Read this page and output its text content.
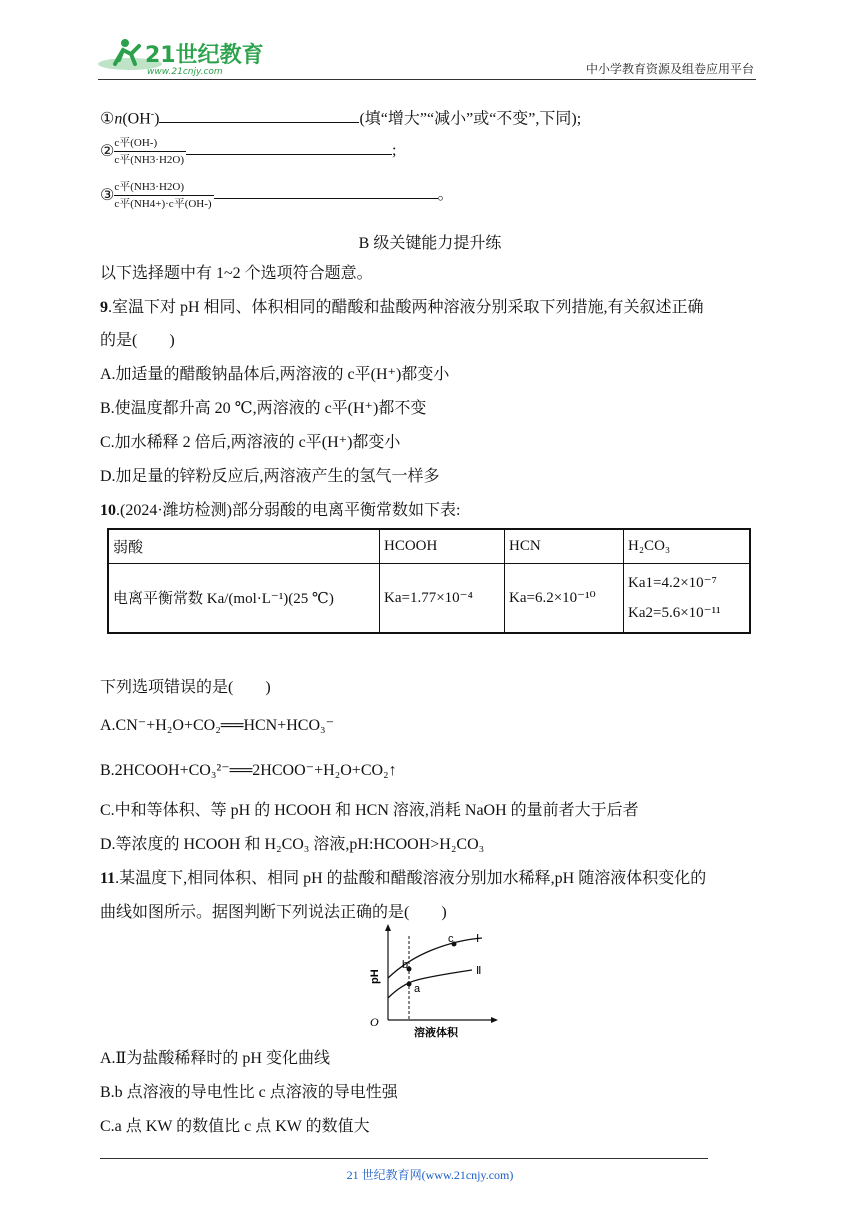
21世纪教育
www.21cnjy.com	中小学教育资源及组卷应用平台
①n(OH-)	(填“增大”“减小”或“不变”,下同);
② $\frac{\text{c平(OH-)}}{\text{c平(NH3·H2O)}}$	;
③ $\frac{\text{c平(NH3·H2O)}}{\text{c平(NH4+)·c平(OH-)}}$	。
B 级关键能力提升练
以下选择题中有 1~2 个选项符合题意。
9.室温下对 pH 相同、体积相同的醋酸和盐酸两种溶液分别采取下列措施,有关叙述正确
的是(　　)
A.加适量的醋酸钠晶体后,两溶液的 c平(H⁺)都变小
B.使温度都升高 20 ℃,两溶液的 c平(H⁺)都不变
C.加水稀释 2 倍后,两溶液的 c平(H⁺)都变小
D.加足量的锌粉反应后,两溶液产生的氢气一样多
10.(2024·潍坊检测)部分弱酸的电离平衡常数如下表:
弱酸	HCOOH	HCN	H₂CO₃
电离平衡常数 Ka/(mol·L⁻¹)(25 ℃)	Ka=1.77×10⁻⁴	Ka=6.2×10⁻¹⁰	Ka1=4.2×10⁻⁷
Ka2=5.6×10⁻¹¹
下列选项错误的是(　　)
A.CN⁻+H₂O+CO₂══HCN+HCO₃⁻
B.2HCOOH+CO₃²⁻══2HCOO⁻+H₂O+CO₂↑
C.中和等体积、等 pH 的 HCOOH 和 HCN 溶液,消耗 NaOH 的量前者大于后者
D.等浓度的 HCOOH 和 H₂CO₃ 溶液,pH:HCOOH>H₂CO₃
11.某温度下,相同体积、相同 pH 的盐酸和醋酸溶液分别加水稀释,pH 随溶液体积变化的
曲线如图所示。据图判断下列说法正确的是(　　)
b
a
c Ⅰ
Ⅱ
O
pH
溶液体积
A.Ⅱ为盐酸稀释时的 pH 变化曲线
B.b 点溶液的导电性比 c 点溶液的导电性强
C.a 点 KW 的数值比 c 点 KW 的数值大
21 世纪教育网(www.21cnjy.com)
